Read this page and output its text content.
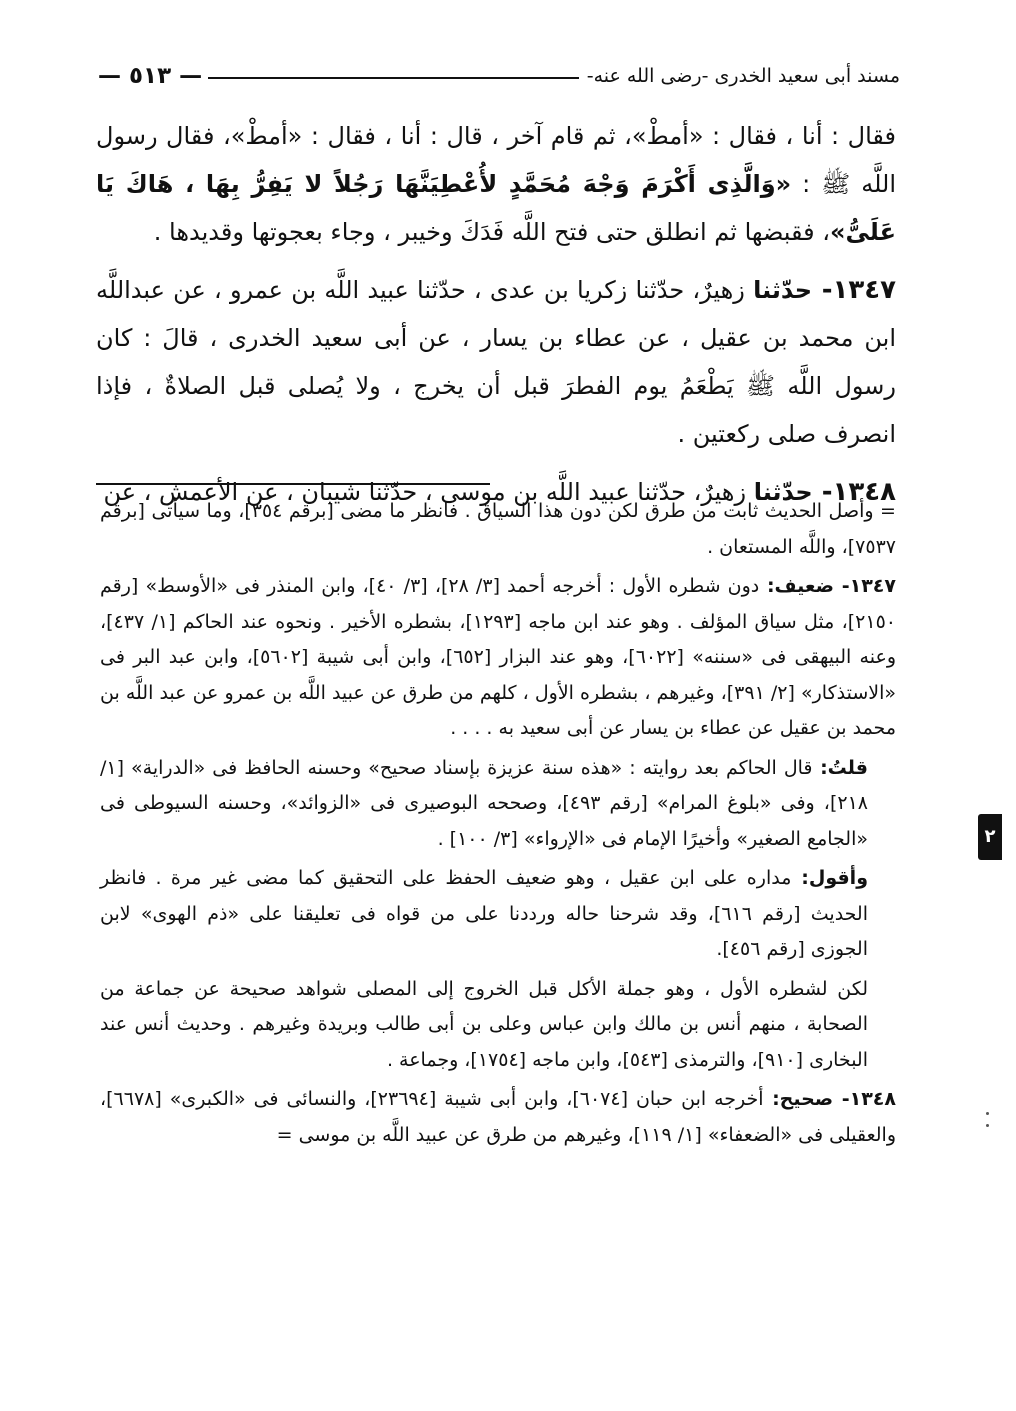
مسند أبى سعيد الخدرى -رضى الله عنه-
— ٥١٣ —

فقال : أنا ، فقال : «أمطْ»، ثم قام آخر ، قال : أنا ، فقال : «أمطْ»، فقال رسول اللَّه ﷺ : «وَالَّذِى أَكْرَمَ وَجْهَ مُحَمَّدٍ لأُعْطِيَنَّهَا رَجُلاً لا يَفِرُّ بِهَا ، هَاكَ يَا عَلَىُّ»، فقبضها ثم انطلق حتى فتح اللَّه فَدَكَ وخيبر ، وجاء بعجوتها وقديدها .

١٣٤٧- حدّثنا زهيرٌ، حدّثنا زكريا بن عدى ، حدّثنا عبيد اللَّه بن عمرو ، عن عبداللَّه ابن محمد بن عقيل ، عن عطاء بن يسار ، عن أبى سعيد الخدرى ، قالَ : كان رسول اللَّه ﷺ يَطْعَمُ يوم الفطرَ قبل أن يخرج ، ولا يُصلى قبل الصلاةٌ ، فإذا انصرف صلى ركعتين .

١٣٤٨- حدّثنا زهيرٌ، حدّثنا عبيد اللَّه بن موسى ، حدّثنا شيبان ، عن الأعمش ، عن

= وأصل الحديث ثابت من طرق لكن دون هذا السياق . فانظر ما مضى [برقم ٣٥٤]، وما سيأتى [برقم ٧٥٣٧]، واللَّه المستعان .

١٣٤٧- ضعيف: دون شطره الأول : أخرجه أحمد [٣/ ٢٨]، [٣/ ٤٠]، وابن المنذر فى «الأوسط» [رقم ٢١٥٠]، مثل سياق المؤلف . وهو عند ابن ماجه [١٢٩٣]، بشطره الأخير . ونحوه عند الحاكم [١/ ٤٣٧]، وعنه البيهقى فى «سننه» [٦٠٢٢]، وهو عند البزار [٦٥٢]، وابن أبى شيبة [٥٦٠٢]، وابن عبد البر فى «الاستذكار» [٢/ ٣٩١]، وغيرهم ، بشطره الأول ، كلهم من طرق عن عبيد اللَّه بن عمرو عن عبد اللَّه بن محمد بن عقيل عن عطاء بن يسار عن أبى سعيد به . . . .

قلتُ: قال الحاكم بعد روايته : «هذه سنة عزيزة بإسناد صحيح» وحسنه الحافظ فى «الدراية» [١/ ٢١٨]، وفى «بلوغ المرام» [رقم ٤٩٣]، وصححه البوصيرى فى «الزوائد»، وحسنه السيوطى فى «الجامع الصغير» وأخيرًا الإمام فى «الإرواء» [٣/ ١٠٠] .

وأقول: مداره على ابن عقيل ، وهو ضعيف الحفظ على التحقيق كما مضى غير مرة . فانظر الحديث [رقم ٦١٦]، وقد شرحنا حاله ورددنا على من قواه فى تعليقنا على «ذم الهوى» لابن الجوزى [رقم ٤٥٦].

لكن لشطره الأول ، وهو جملة الأكل قبل الخروج إلى المصلى شواهد صحيحة عن جماعة من الصحابة ، منهم أنس بن مالك وابن عباس وعلى بن أبى طالب وبريدة وغيرهم . وحديث أنس عند البخارى [٩١٠]، والترمذى [٥٤٣]، وابن ماجه [١٧٥٤]، وجماعة .

١٣٤٨- صحيح: أخرجه ابن حبان [٦٠٧٤]، وابن أبى شيبة [٢٣٦٩٤]، والنسائى فى «الكبرى» [٦٦٧٨]، والعقيلى فى «الضعفاء» [١/ ١١٩]، وغيرهم من طرق عن عبيد اللَّه بن موسى =

٢
